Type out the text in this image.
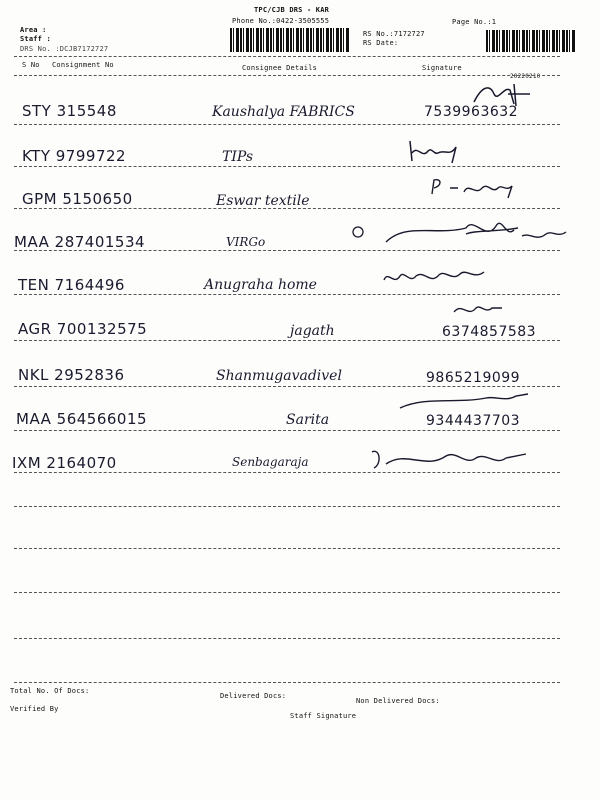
TPC/CJB DRS - KAR
Phone No.:0422-3505555
Area :
Staff :
DRS No. :DCJB7172727
Page No.:1
RS No.:7172727
RS Date:
S No Consignment No	Consignee Details	Signature
20220210
STY 315548	Kaushalya FABRICS	7539963632
KTY 9799722	TIPs
GPM 5150650	Eswar textile
MAA 287401534	VIRGo
TEN 7164496	Anugraha home
AGR 700132575	jagath	6374857583
NKL 2952836	Shanmugavadivel	9865219099
MAA 564566015	Sarita	9344437703
IXM 2164070	Senbagaraja
Total No. Of Docs:
Delivered Docs:
Non Delivered Docs:
Verified By
Staff Signature
